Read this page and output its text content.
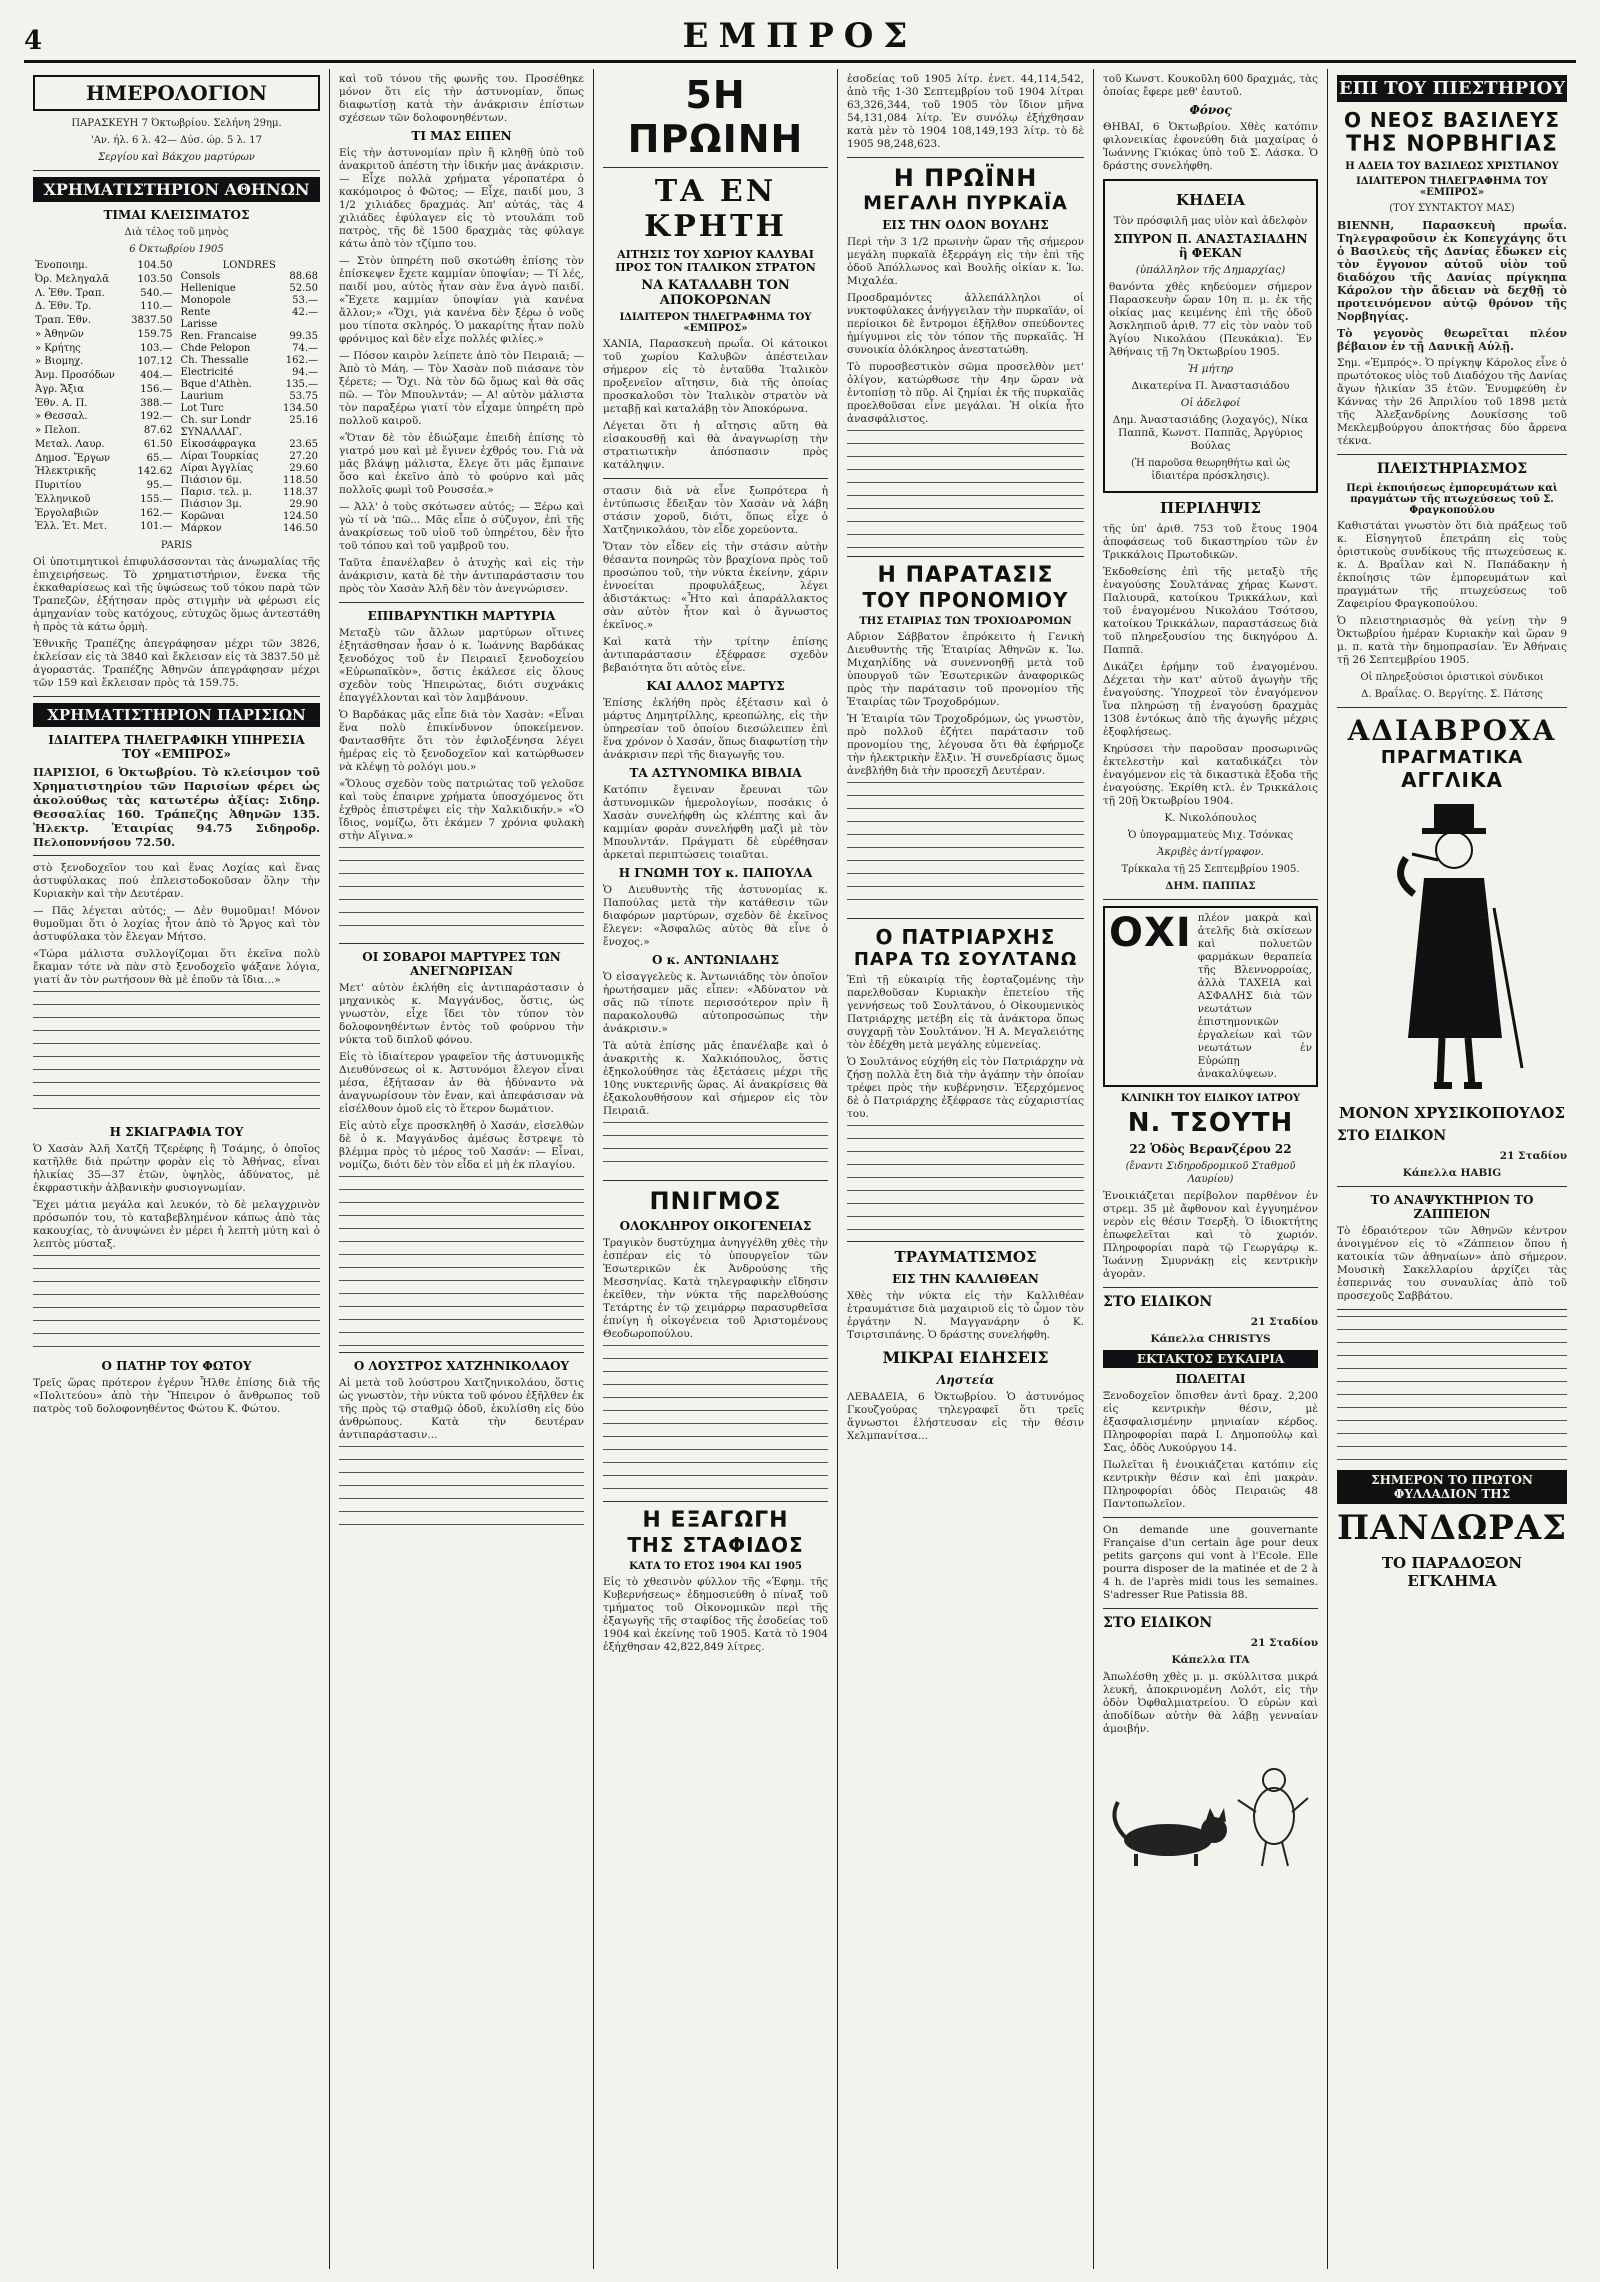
4	ΕΜΠΡΟΣ
ΗΜΕΡΟΛΟΓΙΟΝ
ΠΑΡΑΣΚΕΥΗ 7 Όκτωβρίου. Σελήνη 29ημ.
'Αν. ήλ. 6 λ. 42— Δύσ. ώρ. 5 λ. 17
Σεργίου καὶ Βάκχου μαρτύρων
ΧΡΗΜΑΤΙΣΤΗΡΙΟΝ ΑΘΗΝΩΝ
ΤΙΜΑΙ ΚΛΕΙΣΙΜΑΤΟΣ
Διὰ τέλος τοῦ μηνὸς
6 Όκτωβρίου 1905
Ἐνοποιημ.	104.50
Ὀρ. Μεληγαλᾶ	103.50
Λ. Ἐθν. Τραπ.	540.—
Δ. Ἐθν. Τρ.	110.—
Τραπ. Ἐθν.	3837.50
» Ἀθηνῶν	159.75
» Κρήτης	103.—
» Βιομηχ.	107.12
Ἀνμ. Προσόδων	404.—
Ἀγρ. Ἄξια	156.—
Ἐθν. Α. Π.	388.—
» Θεσσαλ.	192.—
» Πελοπ.	87.62
Μεταλ. Λαυρ.	61.50
Δημοσ. Ἔργων	65.—
Ἠλεκτρικῆς	142.62
Πυριτίου	95.—
Ἑλληνικοῦ	155.—
Ἐργολαβιῶν	162.—
Ἑλλ. Ἐτ. Μετ.	101.—
LONDRES
Consols	88.68
Hellenique	52.50
Monopole	53.—
Rente	42.—
Larisse	
Ren. Francaise	99.35
Chde Pelopon	74.—
Ch. Thessalie	162.—
Electricité	94.—
Bque d'Athèn.	135.—
Laurium	53.75
Lot Turc	134.50
Ch. sur Londr	25.16
ΣΥΝΑΛΛΑΓ.	
Εἰκοσάφραγκα	23.65
Λίραι Τουρκίας	27.20
Λίραι Ἀγγλίας	29.60
Πιάσιον 6μ.	118.50
Παρισ. τελ. μ.	118.37
Πιάσιον 3μ.	29.90
Κορῶναι	124.50
Μάρκον	146.50
PARIS
Οἱ ὑποτιμητικοὶ ἐπιφυλάσσονται τὰς ἀνωμαλίας τῆς ἐπιχειρήσεως. Τὸ χρηματιστήριον, ἕνεκα τῆς ἐκκαθαρίσεως καὶ τῆς ὑψώσεως τοῦ τόκου παρὰ τῶν Τραπεζῶν, ἐξήτησαν πρὸς στιγμὴν νὰ φέρωσι εἰς ἀμηχανίαν τοὺς κατόχους, εὐτυχῶς ὅμως ἀντεστάθη ἡ πρὸς τὰ κάτω ὁρμὴ.
Ἐθνικῆς Τραπέζης ἀπεγράφησαν μέχρι τῶν 3826, ἐκλείσαν εἰς τὰ 3840 καὶ ἔκλεισαν εἰς τὰ 3837.50 μὲ ἀγοραστάς. Τραπέζης Ἀθηνῶν ἀπεγράφησαν μέχρι τῶν 159 καὶ ἔκλεισαν πρὸς τὰ 159.75.
ΧΡΗΜΑΤΙΣΤΗΡΙΟΝ ΠΑΡΙΣΙΩΝ
ΙΔΙΑΙΤΕΡΑ ΤΗΛΕΓΡΑΦΙΚΗ ΥΠΗΡΕΣΙΑ ΤΟΥ «ΕΜΠΡΟΣ»
ΠΑΡΙΣΙΟΙ, 6 Ὀκτωβρίου. Τὸ κλείσιμον τοῦ Χρηματιστηρίου τῶν Παρισίων φέρει ὡς ἀκολούθως τὰς κατωτέρω ἀξίας: Σιδηρ. Θεσσαλίας 160. Τράπεζης Ἀθηνῶν 135. Ἠλεκτρ. Ἑταιρίας 94.75 Σιδηροδρ. Πελοποννήσου 72.50.
στὸ ξενοδοχεῖον του καὶ ἕνας Λοχίας καὶ ἕνας ἀστυφύλακας πού ἐπλειστοδοκοῦσαν ὅλην τὴν Κυριακὴν καὶ τὴν Δευτέραν.
— Πᾶς λέγεται αὐτός; — Δὲν θυμοῦμαι! Μόνον θυμοῦμαι ὅτι ὁ λοχίας ἦτον ἀπὸ τὸ Ἄργος καὶ τὸν ἀστυφύλακα τὸν ἔλεγαν Μήτσο.
«Τώρα μάλιστα συλλογίζομαι ὅτι ἐκεῖνα πολὺ ἔκαμαν τότε νὰ πὰν στὸ ξενοδοχεῖο ψάξανε λόγια, γιατί ἄν τὸν ρωτήσουν θὰ μὲ ἐποῦν τὰ ἴδια...»
Η ΣΚΙΑΓΡΑΦΙΑ ΤΟΥ
Ὁ Χασὰν Ἀλῆ Χατζῆ Τζερέφης ἢ Τσάμης, ὁ ὁποῖος κατῆλθε διὰ πρώτην φορὰν εἰς τὸ Ἀθήνας, εἶναι ἡλικίας 35—37 ἐτῶν, ὑψηλὸς, ἀδύνατος, μὲ ἐκφραστικὴν ἀλβανικὴν φυσιογνωμίαν.
Ἔχει μάτια μεγάλα καὶ λευκόν, τὸ δὲ μελαγχρινὸν πρόσωπόν του, τὸ καταβεβλημένον κάπως ἀπὸ τὰς κακουχίας, τὸ ἀνυψώνει ἐν μέρει ἡ λεπτὴ μύτη καὶ ὁ λεπτὸς μύσταξ.
Ο ΠΑΤΗΡ ΤΟΥ ΦΩΤΟΥ
Τρεῖς ὥρας πρότερον ἐγέρυν Ἦλθε ἐπίσης διὰ τῆς «Πολιτεύου» ἀπὸ τὴν Ἤπειρον ὁ ἄνθρωπος τοῦ πατρὸς τοῦ δολοφονηθέντος Φώτου Κ. Φώτου.
καὶ τοῦ τόνου τῆς φωνῆς του. Προσέθηκε μόνον ὅτι εἰς τὴν ἀστυνομίαν, ὅπως διαφωτίσῃ κατὰ τὴν ἀνάκρισιν ἐπίστων σχέσεων τῶν δολοφονηθέντων.
ΤΙ ΜΑΣ ΕΙΠΕΝ
Εἰς τὴν ἀστυνομίαν πρὶν ἢ κληθῇ ὑπὸ τοῦ ἀνακριτοῦ ἀπέστη τὴν ἰδικήν μας ἀνάκρισιν. — Εἶχε πολλὰ χρήματα γέροπατέρα ὁ κακόμοιρος ὁ Φῶτος; — Εἶχε, παιδί μου, 3 1/2 χιλιάδες δραχμάς. Ἀπ' αὐτάς, τὰς 4 χιλιάδες ἐφύλαγεν εἰς τὸ ντουλάπι τοῦ πατρὸς, τῆς δὲ 1500 δραχμὰς τὰς φύλαγε κάτω ἀπὸ τὸν τζίμπο του.
— Στὸν ὑπηρέτη ποῦ σκοτώθη ἐπίσης τὸν ἐπίσκεψεν ἔχετε καμμίαν ὑποψίαν; — Τί λές, παιδί μου, αὐτὸς ἦταν σὰν ἕνα ἀγνὸ παιδί. «Ἔχετε καμμίαν ὑποψίαν γιὰ κανένα ἄλλον;» «Ὄχι, γιὰ κανένα δὲν ξέρω ὁ νοῦς μου τίποτα σκληρός. Ὁ μακαρίτης ἦταν πολὺ φρόνιμος καὶ δὲν εἶχε πολλές φιλίες.»
— Πόσον καιρὸν λείπετε ἀπὸ τὸν Πειραιᾶ; — Ἀπὸ τὸ Μάη. — Τὸν Χασὰν ποῦ πιάσανε τὸν ξέρετε; — Ὄχι. Νὰ τὸν δῶ ὅμως καὶ θὰ σᾶς πῶ. — Τὸν Μπουλντάν; — Α! αὐτὸν μάλιστα τὸν παραξέρω γιατί τὸν εἶχαμε ὑπηρέτη πρὸ πολλοῦ καιροῦ.
«Ὅταν δὲ τὸν ἐδιώξαμε ἐπειδὴ ἐπίσης τὸ γιατρό μου καὶ μὲ ἔγινεν ἐχθρός του. Γιὰ νὰ μᾶς βλάψῃ μάλιστα, ἔλεγε ὅτι μᾶς ἔμπαινε ὅσο καὶ ἐκεῖνο ἀπὸ τὸ φούρνο καὶ μᾶς πολλοῖς φωμὶ τοῦ Ρουσσέα.»
— Ἀλλ' ὁ τοὺς σκότωσεν αὐτός; — Ξέρω καὶ γὼ τί νὰ 'πῶ... Μᾶς εἶπε ὁ σύζυγον, ἐπὶ τῆς ἀνακρίσεως τοῦ υἱοῦ τοῦ ὑπηρέτου, δὲν ἦτο τοῦ τόπου καὶ τοῦ γαμβροῦ του.
Ταῦτα ἐπανέλαβεν ὁ ἀτυχὴς καὶ εἰς τὴν ἀνάκρισιν, κατὰ δὲ τὴν ἀντιπαράστασιν του πρὸς τὸν Χασὰν Ἀλῆ δὲν τὸν ἀνεγνώρισεν.
ΕΠΙΒΑΡΥΝΤΙΚΗ ΜΑΡΤΥΡΙΑ
Μεταξὺ τῶν ἄλλων μαρτύρων οἵτινες ἐξητάσθησαν ἦσαν ὁ κ. Ἰωάννης Βαρδάκας ξενοδόχος τοῦ ἐν Πειραιεῖ ξενοδοχείου «Εὐρωπαϊκὸν», ὅστις ἐκάλεσε εἰς ὅλους σχεδὸν τοὺς Ἠπειρώτας, διότι συχνάκις ἐπαγγέλλονται καὶ τὸν λαμβάνουν.
Ὁ Βαρδάκας μᾶς εἶπε διὰ τὸν Χασὰν: «Εἶναι ἕνα πολὺ ἐπικίνδυνον ὑποκείμενον. Φαντασθῆτε ὅτι τὸν ἐφιλοξένησα λέγει ἡμέρας εἰς τὸ ξενοδοχεῖον καὶ κατώρθωσεν νὰ κλέψῃ τὸ ρολόγι μου.»
«Ὅλους σχεδὸν τοὺς πατριώτας τοῦ γελοῦσε καὶ τοὺς ἐπαιρνε χρήματα ὑποσχόμενος ὅτι ἐχθρὸς ἐπιστρέψει εἰς τὴν Χαλκιδικήν.» «Ὁ ἴδιος, νομίζω, ὅτι ἐκάμεν 7 χρόνια φυλακὴ στὴν Αἴγινα.»
ΟΙ ΣΟΒΑΡΟΙ ΜΑΡΤΥΡΕΣ ΤΩΝ ΑΝΕΓΝΩΡΙΣΑΝ
Μετ' αὐτὸν ἐκλήθη εἰς ἀντιπαράστασιν ὁ μηχανικὸς κ. Μαγγάνδος, ὅστις, ὡς γνωστὸν, εἶχε ἴδει τὸν τύπον τὸν δολοφονηθέντων ἐντὸς τοῦ φούρνου τὴν νύκτα τοῦ διπλοῦ φόνου.
Εἰς τὸ ἰδιαίτερον γραφεῖον τῆς ἀστυνομικῆς Διευθύνσεως οἱ κ. Ἀστυνόμοι ἔλεγον εἶναι μέσα, ἐξήτασαν ἀν θὰ ἠδύναντο νὰ ἀναγνωρίσουν τὸν ἔναν, καὶ ἀπεφάσισαν νὰ εἰσέλθουν ὁμοῦ εἰς τὸ ἕτερον δωμάτιον.
Εἰς αὐτὸ εἶχε προσκληθῆ ὁ Χασάν, εἰσελθὼν δὲ ὁ κ. Μαγγάνδος ἀμέσως ἔστρεψε τὸ βλέμμα πρὸς τὸ μέρος τοῦ Χασάν: — Εἶναι, νομίζω, διότι δὲν τὸν εἶδα εἰ μὴ ἐκ πλαγίου.
Ο ΛΟΥΣΤΡΟΣ ΧΑΤΖΗΝΙΚΟΛΑΟΥ
Αἱ μετὰ τοῦ λούστρου Χατζηνικολάου, ὅστις ὡς γνωστὸν, τὴν νύκτα τοῦ φόνου ἐξῆλθεν ἐκ τῆς πρὸς τῷ σταθμῷ ὁδοῦ, ἐκυλίσθη εἰς δύο ἀνθρώπους. Κατὰ τὴν δευτέραν ἀντιπαράστασιν...
5Η ΠΡΩΙΝΗ
ΤΑ ΕΝ ΚΡΗΤΗ
ΑΙΤΗΣΙΣ ΤΟΥ ΧΩΡΙΟΥ ΚΑΛΥΒΑΙ ΠΡΟΣ ΤΟΝ ΙΤΑΛΙΚΟΝ ΣΤΡΑΤΟΝ
ΝΑ ΚΑΤΑΛΑΒΗ ΤΟΝ ΑΠΟΚΟΡΩΝΑΝ
ΙΔΙΑΙΤΕΡΟΝ ΤΗΛΕΓΡΑΦΗΜΑ ΤΟΥ «ΕΜΠΡΟΣ»
ΧΑΝΙΑ, Παρασκευὴ πρωΐα. Οἱ κάτοικοι τοῦ χωρίου Καλυβῶν ἀπέστειλαν σήμερον εἰς τὸ ἐνταῦθα Ἰταλικὸν προξενεῖον αἴτησιν, διὰ τῆς ὁποίας προσκαλοῦσι τὸν Ἰταλικὸν στρατὸν νὰ μεταβῇ καὶ καταλάβῃ τὸν Ἀποκόρωνα.
Λέγεται ὅτι ἡ αἴτησις αὕτη θὰ εἰσακουσθῇ καὶ θὰ ἀναγνωρίσῃ τὴν στρατιωτικὴν ἀπόσπασιν πρὸς κατάληψιν.
στασιν διὰ νὰ εἶνε ξωπρότερα ἡ ἐντύπωσις ἔδειξαν τὸν Χασὰν νὰ λάβη στάσιν χοροῦ, διότι, ὅπως εἶχε ὁ Χατζηνικολάου, τὸν εἶδε χορεύοντα.
Ὅταν τὸν εἶδεν εἰς τὴν στάσιν αὐτὴν θέσαντα πονηρῶς τὸν βραχίονα πρὸς τοῦ προσώπου τοῦ, τὴν νύκτα ἐκείνην, χάριν ἐννοείται προφυλάξεως, λέγει ἀδιστάκτως: «Ἦτο καὶ ἀπαράλλακτος σὰν αὐτὸν ἦτον καὶ ὁ ἄγνωστος ἐκεῖνος.»
Καὶ κατὰ τὴν τρίτην ἐπίσης ἀντιπαράστασιν ἐξέφρασε σχεδὸν βεβαιότητα ὅτι αὐτὸς εἶνε.
ΚΑΙ ΑΛΛΟΣ ΜΑΡΤΥΣ
Ἐπίσης ἐκλήθη πρὸς ἐξέτασιν καὶ ὁ μάρτυς Δημητρίλλης, κρεοπώλης, εἰς τὴν ὑπηρεσίαν τοῦ ὁποίου διεσώλειπεν ἐπὶ ἕνα χρόνον ὁ Χασάν, ὅπως διαφωτίσῃ τὴν ἀνάκρισιν περὶ τῆς διαγωγῆς του.
ΤΑ ΑΣΤΥΝΟΜΙΚΑ ΒΙΒΛΙΑ
Κατόπιν ἔγειναν ἔρευναι τῶν ἀστυνομικῶν ἡμερολογίων, ποσάκις ὁ Χασὰν συνελήφθη ὡς κλέπτης καὶ ἄν καμμίαν φορὰν συνελήφθη μαζὶ μὲ τὸν Μπουλντάν. Πράγματι δὲ εὑρέθησαν ἀρκεταὶ περιπτώσεις τοιαῦται.
Η ΓΝΩΜΗ ΤΟΥ κ. ΠΑΠΟΥΛΑ
Ὁ Διευθυντὴς τῆς ἀστυνομίας κ. Παπούλας μετὰ τὴν κατάθεσιν τῶν διαφόρων μαρτύρων, σχεδὸν δὲ ἐκεῖνος ἔλεγεν: «Ἀσφαλῶς αὐτὸς θὰ εἶνε ὁ ἔνοχος.»
Ο κ. ΑΝΤΩΝΙΑΔΗΣ
Ὁ εἰσαγγελεὺς κ. Ἀντωνιάδης τὸν ὁποῖον ἠρωτήσαμεν μᾶς εἶπεν: «Ἀδύνατον νὰ σᾶς πῶ τίποτε περισσότερον πρὶν ἢ παρακολουθῶ αὐτοπροσώπως τὴν ἀνάκρισιν.»
Τὰ αὐτὰ ἐπίσης μᾶς ἐπανέλαβε καὶ ὁ ἀνακριτὴς κ. Χαλκιόπουλος, ὅστις ἐξηκολούθησε τὰς ἐξετάσεις μέχρι τῆς 10ης νυκτερινῆς ὥρας. Αἱ ἀνακρίσεις θὰ ἐξακολουθήσουν καὶ σήμερον εἰς τὸν Πειραιᾶ.
ΠΝΙΓΜΟΣ
ΟΛΟΚΛΗΡΟΥ ΟΙΚΟΓΕΝΕΙΑΣ
Τραγικὸν δυστύχημα ἀνηγγέλθη χθὲς τὴν ἑσπέραν εἰς τὸ ὑπουργεῖον τῶν Ἐσωτερικῶν ἐκ Ἀνδρούσης τῆς Μεσσηνίας. Κατὰ τηλεγραφικὴν εἴδησιν ἐκεῖθεν, τὴν νύκτα τῆς παρελθούσης Τετάρτης ἐν τῷ χειμάρρῳ παρασυρθεῖσα ἐπνίγη ἡ οἰκογένεια τοῦ Ἀριστομένους Θεοδωροπούλου.
Η ΕΞΑΓΩΓΗ
ΤΗΣ ΣΤΑΦΙΔΟΣ
ΚΑΤΑ ΤΟ ΕΤΟΣ 1904 ΚΑΙ 1905
Εἰς τὸ χθεσινὸν φύλλον τῆς «Ἐφημ. τῆς Κυβερνήσεως» ἐδημοσιεύθη ὁ πίναξ τοῦ τμήματος τοῦ Οἰκονομικῶν περὶ τῆς ἐξαγωγῆς τῆς σταφίδος τῆς ἐσοδείας τοῦ 1904 καὶ ἐκείνης τοῦ 1905. Κατὰ τὸ 1904 ἐξήχθησαν 42,822,849 λίτρες.
ἐσοδείας τοῦ 1905 λίτρ. ἐνετ. 44,114,542, ἀπὸ τῆς 1-30 Σεπτεμβρίου τοῦ 1904 λίτραι 63,326,344, τοῦ 1905 τὸν ἴδιον μῆνα 54,131,084 λίτρ. Ἐν συνόλῳ ἐξήχθησαν κατὰ μὲν τὸ 1904 108,149,193 λίτρ. τὸ δὲ 1905 98,248,623.
Η ΠΡΩΪΝΗ
ΜΕΓΑΛΗ ΠΥΡΚΑΪΑ
ΕΙΣ ΤΗΝ ΟΔΟΝ ΒΟΥΛΗΣ
Περὶ τὴν 3 1/2 πρωινὴν ὥραν τῆς σήμερον μεγάλη πυρκαϊὰ ἐξερράγη εἰς τὴν ἐπὶ τῆς ὁδοῦ Ἀπόλλωνος καὶ Βουλῆς οἰκίαν κ. Ἰω. Μιχαλέα.
Προσδραμόντες ἀλλεπάλληλοι οἱ νυκτοφύλακες ἀνήγγειλαν τὴν πυρκαϊάν, οἱ περίοικοι δὲ ἔντρομοι ἐξῆλθον σπεύδοντες ἡμίγυμνοι εἰς τὸν τόπον τῆς πυρκαϊᾶς. Ἡ συνοικία ὁλόκληρος ἀνεστατώθη.
Τὸ πυροσβεστικὸν σῶμα προσελθὸν μετ' ὀλίγον, κατώρθωσε τὴν 4ην ὥραν νὰ ἐντοπίσῃ τὸ πῦρ. Αἱ ζημίαι ἐκ τῆς πυρκαϊᾶς προελθοῦσαι εἶνε μεγάλαι. Ἡ οἰκία ἦτο ἀνασφάλιστος.
Η ΠΑΡΑΤΑΣΙΣ
ΤΟΥ ΠΡΟΝΟΜΙΟΥ
ΤΗΣ ΕΤΑΙΡΙΑΣ ΤΩΝ ΤΡΟΧΙΟΔΡΟΜΩΝ
Αὔριον Σάββατον ἐπρόκειτο ἡ Γενικὴ Διευθυντὴς τῆς Ἑταιρίας Ἀθηνῶν κ. Ἰω. Μιχαηλίδης νὰ συνεννοηθῇ μετὰ τοῦ ὑπουργοῦ τῶν Ἐσωτερικῶν ἀναφορικῶς πρὸς τὴν παράτασιν τοῦ προνομίου τῆς Ἑταιρίας τῶν Τροχοδρόμων.
Ἡ Ἑταιρία τῶν Τροχοδρόμων, ὡς γνωστὸν, πρὸ πολλοῦ ἐζήτει παράτασιν τοῦ προνομίου της, λέγουσα ὅτι θὰ ἐφήρμοζε τὴν ἠλεκτρικὴν ἔλξιν. Ἡ συνεδρίασις ὅμως ἀνεβλήθη διὰ τὴν προσεχῆ Δευτέραν.
Ο ΠΑΤΡΙΑΡΧΗΣ
ΠΑΡΑ ΤΩ ΣΟΥΛΤΑΝΩ
Ἐπὶ τῇ εὐκαιρίᾳ τῆς ἑορταζομένης τὴν παρελθοῦσαν Κυριακὴν ἐπετείου τῆς γεννήσεως τοῦ Σουλτάνου, ὁ Οἰκουμενικὸς Πατριάρχης μετέβη εἰς τὰ ἀνάκτορα ὅπως συγχαρῇ τὸν Σουλτάνον. Ἡ Α. Μεγαλειότης τὸν ἐδέχθη μετὰ μεγάλης εὐμενείας.
Ὁ Σουλτάνος εὐχήθη εἰς τὸν Πατριάρχην νὰ ζήσῃ πολλὰ ἔτη διὰ τὴν ἀγάπην τὴν ὁποίαν τρέφει πρὸς τὴν κυβέρνησιν. Ἐξερχόμενος δὲ ὁ Πατριάρχης ἐξέφρασε τὰς εὐχαριστίας του.
ΤΡΑΥΜΑΤΙΣΜΟΣ
ΕΙΣ ΤΗΝ ΚΑΛΛΙΘΕΑΝ
Χθὲς τὴν νύκτα εἰς τὴν Καλλιθέαν ἐτραυμάτισε διὰ μαχαιριοῦ εἰς τὸ ὦμον τὸν ἐργάτην Ν. Μαγγανάρην ὁ Κ. Τσιρτσιπάνης. Ὁ δράστης συνελήφθη.
ΜΙΚΡΑΙ ΕΙΔΗΣΕΙΣ
Ληστεία
ΛΕΒΑΔΕΙΑ, 6 Ὀκτωβρίου. Ὁ ἀστυνόμος Γκουζγούρας τηλεγραφεῖ ὅτι τρεῖς ἄγνωστοι ἐλήστευσαν εἰς τὴν θέσιν Χελμπανίτσα...
τοῦ Κωνστ. Κουκοῦλη 600 δραχμάς, τὰς ὁποίας ἔφερε μεθ' ἑαυτοῦ.
Φόνος
ΘΗΒΑΙ, 6 Ὀκτωβρίου. Χθὲς κατόπιν φιλονεικίας ἐφονεύθη διὰ μαχαίρας ὁ Ἰωάννης Γκιόκας ὑπὸ τοῦ Σ. Λάσκα. Ὁ δράστης συνελήφθη.
ΚΗΔΕΙΑ
Τὸν πρόσφιλῆ μας υἱὸν καὶ ἀδελφὸν
ΣΠΥΡΟΝ Π. ΑΝΑΣΤΑΣΙΑΔΗΝ ἢ ΦΕΚΑΝ
(ὑπάλληλον τῆς Δημαρχίας)
θανόντα χθὲς κηδεύομεν σήμερον Παρασκευὴν ὥραν 10η π. μ. ἐκ τῆς οἰκίας μας κειμένης ἐπὶ τῆς ὁδοῦ Ἀσκληπιοῦ ἀριθ. 77 εἰς τὸν ναὸν τοῦ Ἁγίου Νικολάου (Πευκάκια). Ἐν Ἀθήναις τῇ 7η Ὀκτωβρίου 1905.
Ἡ μήτηρ
Δικατερίνα Π. Ἀναστασιάδου
Οἱ ἀδελφοί
Δημ. Ἀναστασιάδης (λοχαγός), Νίκα Παππᾶ, Κωνστ. Παππᾶς, Ἀργύριος Βούλας
(Ἡ παροῦσα θεωρηθήτω καὶ ὡς ἰδιαιτέρα πρόσκλησις).
ΠΕΡΙΛΗΨΙΣ
τῆς ὑπ' ἀριθ. 753 τοῦ ἔτους 1904 ἀποφάσεως τοῦ δικαστηρίου τῶν ἐν Τρικκάλοις Πρωτοδικῶν.
Ἐκδοθείσης ἐπὶ τῆς μεταξὺ τῆς ἐναγούσης Σουλτάνας χήρας Κωνστ. Παλιουρᾶ, κατοίκου Τρικκάλων, καὶ τοῦ ἐναγομένου Νικολάου Τσότσου, κατοίκου Τρικκάλων, παραστάσεως διὰ τοῦ πληρεξουσίου της δικηγόρου Δ. Παππᾶ.
Δικάζει ἐρήμην τοῦ ἐναγομένου. Δέχεται τὴν κατ' αὐτοῦ ἀγωγὴν τῆς ἐναγούσης. Ὑποχρεοῖ τὸν ἐναγόμενον ἵνα πληρώσῃ τῇ ἐναγούσῃ δραχμὰς 1308 ἐντόκως ἀπὸ τῆς ἀγωγῆς μέχρις ἐξοφλήσεως.
Κηρύσσει τὴν παροῦσαν προσωρινῶς ἐκτελεστὴν καὶ καταδικάζει τὸν ἐναγόμενον εἰς τὰ δικαστικὰ ἔξοδα τῆς ἐναγούσης. Ἐκρίθη κτλ. ἐν Τρικκάλοις τῇ 20ῇ Ὀκτωβρίου 1904.
Κ. Νικολόπουλος
Ὁ ὑπογραμματεύς Μιχ. Τσόνκας
Ἀκριβὲς ἀντίγραφον.
Τρίκκαλα τῇ 25 Σεπτεμβρίου 1905.
ΔΗΜ. ΠΑΠΠΑΣ
ΟΧΙ πλέον μακρὰ καὶ ἀτελῆς διὰ σκίσεων καὶ πολυετῶν φαρμάκων θεραπεία τῆς Βλεννορροίας, ἀλλὰ ΤΑΧΕΙΑ καὶ ΑΣΦΑΛΗΣ διὰ τῶν νεωτάτων ἐπιστημονικῶν ἐργαλείων καὶ τῶν νεωτάτων ἐν Εὐρώπῃ ἀνακαλύψεων.
ΚΛΙΝΙΚΗ ΤΟΥ ΕΙΔΙΚΟΥ ΙΑΤΡΟΥ
Ν. ΤΣΟΥΤΗ
22 Ὁδὸς Βερανζέρου 22
(ἔναντι Σιδηροδρομικοῦ Σταθμοῦ Λαυρίου)
Ἐνοικιάζεται περίβολον παρθένον ἐν στρεμ. 35 μὲ ἄφθονον καὶ ἐγγυημένον νερὸν εἰς θέσιν Τσερξὴ. Ὁ ἰδιοκτήτης ἐπωφελεῖται καὶ τὸ χωριόν. Πληροφορίαι παρὰ τῷ Γεωργάρῳ κ. Ἰωάννῃ Σμυρνάκῃ εἰς κεντρικὴν ἀγορὰν.
ΣΤΟ ΕΙΔΙΚΟΝ
21 Σταδίου
Κάπελλα CHRISTYS
ΕΚΤΑΚΤΟΣ ΕΥΚΑΙΡΙΑ
ΠΩΛΕΙΤΑΙ
Ξενοδοχεῖον ὅπισθεν ἀντὶ δραχ. 2,200 εἰς κεντρικὴν θέσιν, μὲ ἐξασφαλισμένην μηνιαίαν κέρδος. Πληροφορίαι παρὰ Ι. Δημοπούλῳ καὶ Σας, ὁδὸς Λυκούργου 14.
Πωλεῖται ἢ ἐνοικιάζεται κατόπιν εἰς κεντρικὴν θέσιν καὶ ἐπὶ μακρὰν. Πληροφορίαι ὁδὸς Πειραιῶς 48 Παντοπωλεῖον.
On demande une gouvernante Française d'un certain âge pour deux petits garçons qui vont à l'Ecole. Elle pourra disposer de la matinée et de 2 à 4 h. de l'après midi tous les semaines. S'adresser Rue Patissia 88.
ΣΤΟ ΕΙΔΙΚΟΝ
21 Σταδίου
Κάπελλα ITA
Ἀπωλέσθη χθὲς μ. μ. σκύλλιτσα μικρά λευκή, ἀποκρινομένη Λολότ, εἰς τὴν ὁδὸν Ὀφθαλμιατρείου. Ὁ εὑρὼν καὶ ἀποδίδων αὐτὴν θὰ λάβῃ γενναίαν ἀμοιβήν.
ΕΠΙ ΤΟΥ ΠΙΕΣΤΗΡΙΟΥ
Ο ΝΕΟΣ ΒΑΣΙΛΕΥΣ
ΤΗΣ ΝΟΡΒΗΓΙΑΣ
Η ΑΔΕΙΑ ΤΟΥ ΒΑΣΙΛΕΩΣ ΧΡΙΣΤΙΑΝΟΥ
ΙΔΙΑΙΤΕΡΟΝ ΤΗΛΕΓΡΑΦΗΜΑ ΤΟΥ «ΕΜΠΡΟΣ»
(ΤΟΥ ΣΥΝΤΑΚΤΟΥ ΜΑΣ)
ΒΙΕΝΝΗ, Παρασκευὴ πρωΐα. Τηλεγραφοῦσιν ἐκ Κοπεγχάγης ὅτι ὁ Βασιλεὺς τῆς Δανίας ἔδωκεν εἰς τὸν ἔγγονον αὐτοῦ υἱὸν τοῦ διαδόχου τῆς Δανίας πρίγκηπα Κάρολον τὴν ἄδειαν νὰ δεχθῇ τὸ προτεινόμενον αὐτῷ θρόνον τῆς Νορβηγίας.
Τὸ γεγονὸς θεωρεῖται πλέον βέβαιον ἐν τῇ Δανικῇ Αὐλῇ.
Σημ. «Ἐμπρός». Ὁ πρίγκηψ Κάρολος εἶνε ὁ πρωτότοκος υἱὸς τοῦ Διαδόχου τῆς Δανίας ἄγων ἡλικίαν 35 ἐτῶν. Ἐνυμφεύθη ἐν Κάννας τὴν 26 Ἀπριλίου τοῦ 1898 μετὰ τῆς Ἀλεξανδρίνης Δουκίσσης τοῦ Μεκλεμβούργου ἀποκτήσας δύο ἄρρενα τέκνα.
ΠΛΕΙΣΤΗΡΙΑΣΜΟΣ
Περὶ ἐκποιήσεως ἐμπορευμάτων καὶ πραγμάτων τῆς πτωχεύσεως τοῦ Σ. Φραγκοπούλου
Καθιστάται γνωστὸν ὅτι διὰ πράξεως τοῦ κ. Εἰσηγητοῦ ἐπετράπη εἰς τοὺς ὁριστικοὺς συνδίκους τῆς πτωχεύσεως κ. κ. Δ. Βραΐλαν καὶ Ν. Παπάδακην ἡ ἐκποίησις τῶν ἐμπορευμάτων καὶ πραγμάτων τῆς πτωχεύσεως τοῦ Ζαφειρίου Φραγκοπούλου.
Ὁ πλειστηριασμὸς θὰ γείνῃ τὴν 9 Ὀκτωβρίου ἡμέραν Κυριακὴν καὶ ὥραν 9 μ. π. κατὰ τὴν δημοπρασίαν. Ἐν Ἀθήναις τῇ 26 Σεπτεμβρίου 1905.
Οἱ πληρεξούσιοι ὁριστικοὶ σύνδικοι
Δ. Βραΐλας. Ο. Βεργίτης. Σ. Πάτσης
ΑΔΙΑΒΡΟΧΑ
ΠΡΑΓΜΑΤΙΚΑ
ΑΓΓΛΙΚΑ
ΜΟΝΟΝ ΧΡΥΣΙΚΟΠΟΥΛΟΣ
ΣΤΟ ΕΙΔΙΚΟΝ
21 Σταδίου
Κάπελλα HABIG
ΤΟ ΑΝΑΨΥΚΤΗΡΙΟΝ ΤΟ ΖΑΠΠΕΙΟΝ
Τὸ ἐδραιότερον τῶν Ἀθηνῶν κέντρον ἀνοιγμένον εἰς τὸ «Ζάππειον ὅπου ἡ κατοικία τῶν ἀθηναίων» ἀπὸ σήμερον. Μουσικὴ Σακελλαρίου ἀρχίζει τὰς ἑσπερινάς του συναυλίας ἀπὸ τοῦ προσεχοῦς Σαββάτου.
ΣΗΜΕΡΟΝ ΤΟ ΠΡΩΤΟΝ ΦΥΛΛΑΔΙΟΝ ΤΗΣ
ΠΑΝΔΩΡΑΣ
ΤΟ ΠΑΡΑΔΟΞΟΝ ΕΓΚΛΗΜΑ
